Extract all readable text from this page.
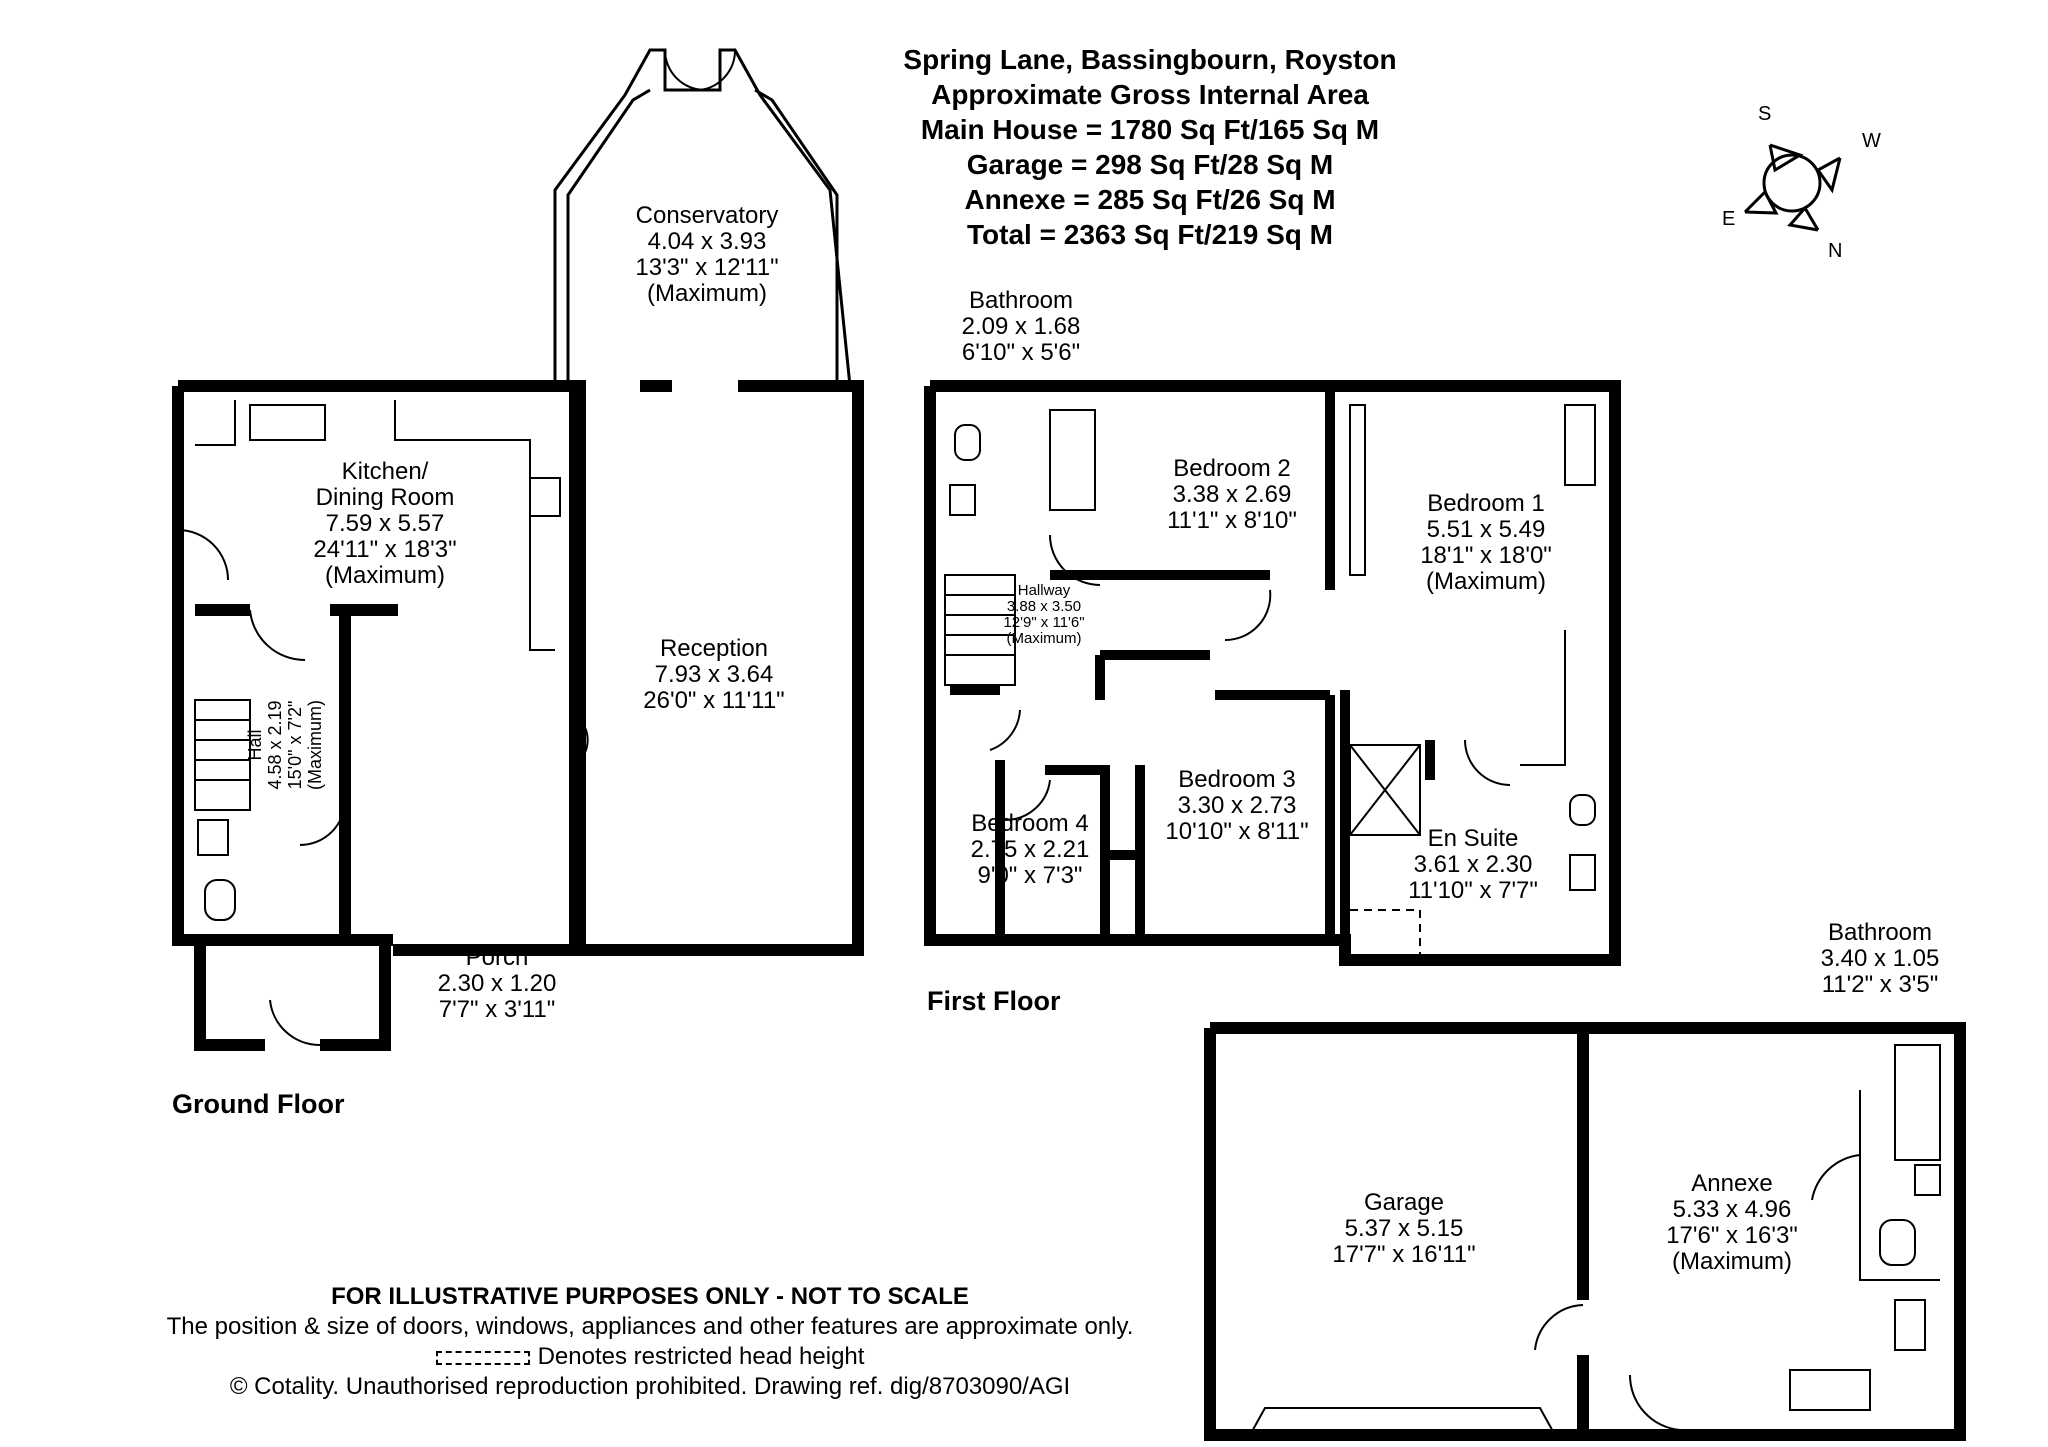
Spring Lane, Bassingbourn, Royston
Approximate Gross Internal Area
Main House = 1780 Sq Ft/165 Sq M
Garage = 298 Sq Ft/28 Sq M
Annexe = 285 Sq Ft/26 Sq M
Total = 2363 Sq Ft/219 Sq M
S
W
E
N
Conservatory
4.04 x 3.93
13'3" x 12'11"
(Maximum)
Kitchen/
Dining Room
7.59 x 5.57
24'11" x 18'3"
(Maximum)
Reception
7.93 x 3.64
26'0" x 11'11"
Hall 4.58 x 2.19 15'0" x 7'2" (Maximum)
Porch
2.30 x 1.20
7'7" x 3'11"
Bathroom
2.09 x 1.68
6'10" x 5'6"
Bedroom 2
3.38 x 2.69
11'1" x 8'10"
Bedroom 1
5.51 x 5.49
18'1" x 18'0"
(Maximum)
Hallway
3.88 x 3.50
12'9" x 11'6"
(Maximum)
Bedroom 3
3.30 x 2.73
10'10" x 8'11"
Bedroom 4
2.75 x 2.21
9'0" x 7'3"
En Suite
3.61 x 2.30
11'10" x 7'7"
Bathroom
3.40 x 1.05
11'2" x 3'5"
Garage
5.37 x 5.15
17'7" x 16'11"
Annexe
5.33 x 4.96
17'6" x 16'3"
(Maximum)
Ground Floor
First Floor
FOR ILLUSTRATIVE PURPOSES ONLY - NOT TO SCALE
The position & size of doors, windows, appliances and other features are approximate only.
Denotes restricted head height
© Cotality. Unauthorised reproduction prohibited. Drawing ref. dig/8703090/AGI
